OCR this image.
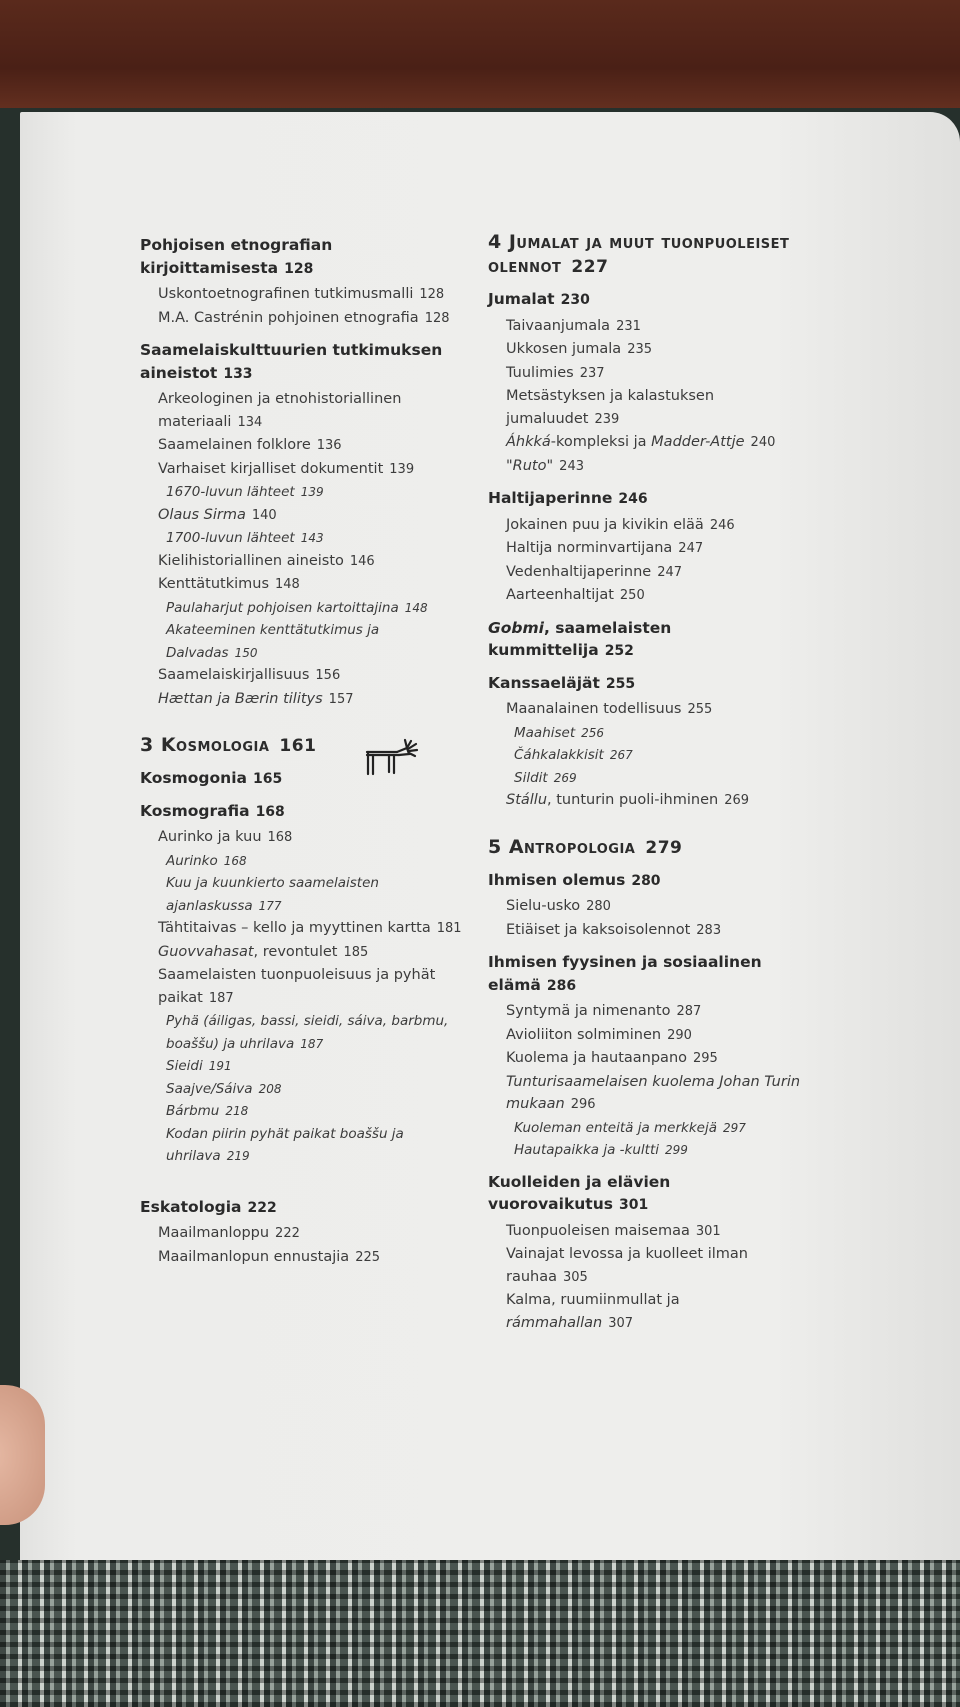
Pohjoisen etnografian kirjoittamisesta 128
Uskontoetnografinen tutkimusmalli 128
M.A. Castrénin pohjoinen etnografia 128
Saamelaiskulttuurien tutkimuksen aineistot 133
Arkeologinen ja etnohistoriallinen materiaali 134
Saamelainen folklore 136
Varhaiset kirjalliset dokumentit 139
1670-luvun lähteet 139
Olaus Sirma 140
1700-luvun lähteet 143
Kielihistoriallinen aineisto 146
Kenttätutkimus 148
Paulaharjut pohjoisen kartoittajina 148
Akateeminen kenttätutkimus ja Dalvadas 150
Saamelaiskirjallisuus 156
Hættan ja Bærin tilitys 157
3 Kosmologia 161
Kosmogonia 165
Kosmografia 168
Aurinko ja kuu 168
Aurinko 168
Kuu ja kuunkierto saamelaisten ajanlaskussa 177
Tähtitaivas – kello ja myyttinen kartta 181
Guovvahasat, revontulet 185
Saamelaisten tuonpuoleisuus ja pyhät paikat 187
Pyhä (áiligas, bassi, sieidi, sáiva, barbmu, boaššu) ja uhrilava 187
Sieidi 191
Saajve/Sáiva 208
Bárbmu 218
Kodan piirin pyhät paikat boaššu ja uhrilava 219
Eskatologia 222
Maailmanloppu 222
Maailmanlopun ennustajia 225
4 Jumalat ja muut tuonpuoleiset olennot 227
Jumalat 230
Taivaanjumala 231
Ukkosen jumala 235
Tuulimies 237
Metsästyksen ja kalastuksen jumaluudet 239
Áhkká-kompleksi ja Madder-Attje 240
"Ruto" 243
Haltijaperinne 246
Jokainen puu ja kivikin elää 246
Haltija norminvartijana 247
Vedenhaltijaperinne 247
Aarteenhaltijat 250
Gobmi, saamelaisten kummittelija 252
Kanssaeläjät 255
Maanalainen todellisuus 255
Maahiset 256
Čáhkalakkisit 267
Sildit 269
Stállu, tunturin puoli-ihminen 269
5 Antropologia 279
Ihmisen olemus 280
Sielu-usko 280
Etiäiset ja kaksoisolennot 283
Ihmisen fyysinen ja sosiaalinen elämä 286
Syntymä ja nimenanto 287
Avioliiton solmiminen 290
Kuolema ja hautaanpano 295
Tunturisaamelaisen kuolema Johan Turin mukaan 296
Kuoleman enteitä ja merkkejä 297
Hautapaikka ja -kultti 299
Kuolleiden ja elävien vuorovaikutus 301
Tuonpuoleisen maisemaa 301
Vainajat levossa ja kuolleet ilman rauhaa 305
Kalma, ruumiinmullat ja rámmahallan 307
